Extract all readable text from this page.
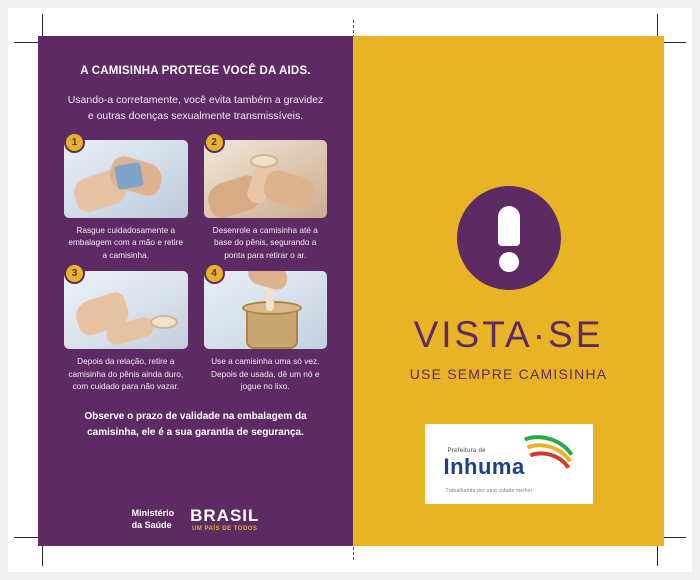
A CAMISINHA PROTEGE VOCÊ DA AIDS.
Usando-a corretamente, você evita também a gravidez e outras doenças sexualmente transmissíveis.
1
Rasgue cuidadosamente a embalagem com a mão e retire a camisinha.
2
Desenrole a camisinha até a base do pênis, segurando a ponta para retirar o ar.
3
Depois da relação, retire a camisinha do pênis ainda duro, com cuidado para não vazar.
4
Use a camisinha uma só vez. Depois de usada, dê um nó e jogue no lixo.
Observe o prazo de validade na embalagem da camisinha, ele é a sua garantia de segurança.
Ministério
da Saúde BRASIL
UM PAÍS DE TODOS
VISTA·SE
USE SEMPRE CAMISINHA
Prefeitura de
Inhuma
Trabalhando por uma cidade melhor
